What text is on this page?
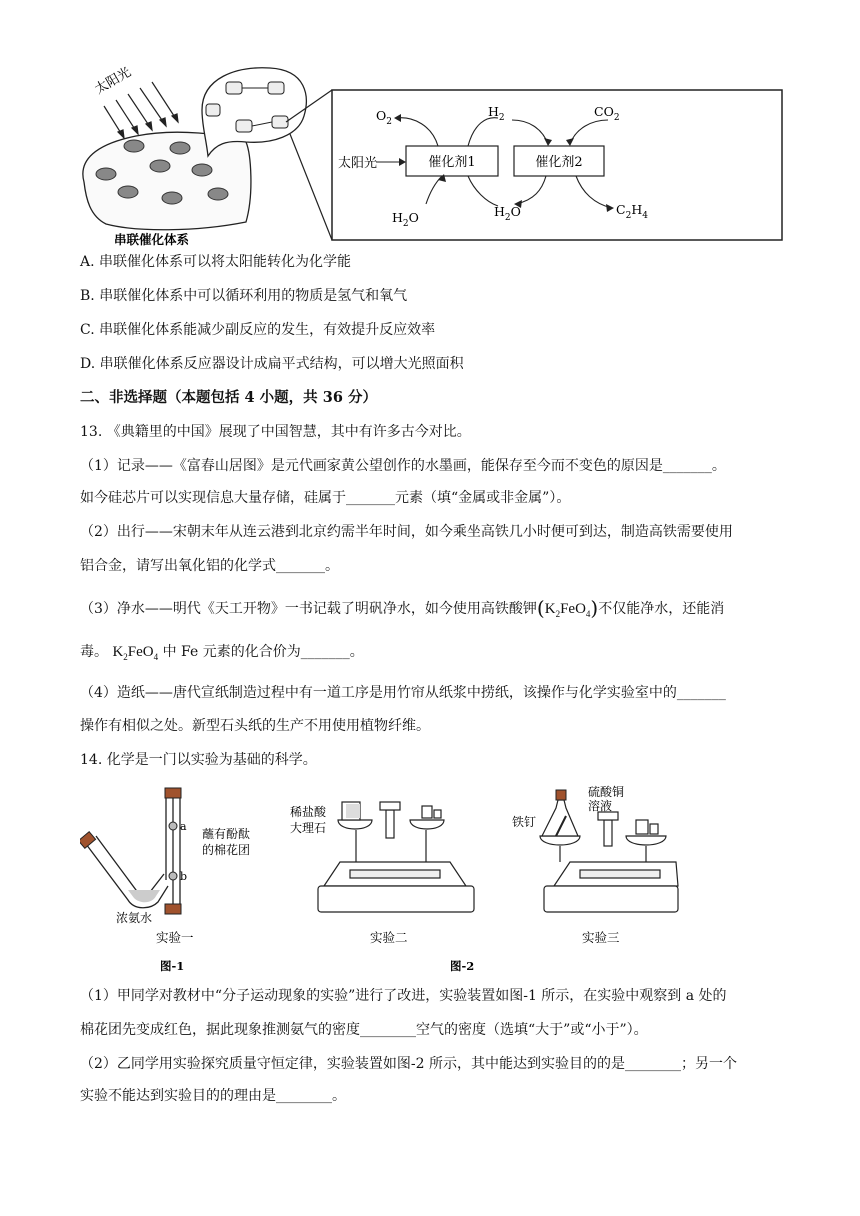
太阳光
串联催化体系
催化剂1	催化剂2
太阳光
$O_2$
$H_2$	$CO_2$
$H_2O$	$H_2O$	$C_2H_4$
A. 串联催化体系可以将太阳能转化为化学能
B. 串联催化体系中可以循环利用的物质是氢气和氧气
C. 串联催化体系能减少副反应的发生，有效提升反应效率
D. 串联催化体系反应器设计成扁平式结构，可以增大光照面积
二、非选择题（本题包括 4 小题，共 36 分）
13. 《典籍里的中国》展现了中国智慧，其中有许多古今对比。
（1）记录——《富春山居图》是元代画家黄公望创作的水墨画，能保存至今而不变色的原因是_______。
如今硅芯片可以实现信息大量存储，硅属于_______元素（填“金属或非金属”）。
（2）出行——宋朝末年从连云港到北京约需半年时间，如今乘坐高铁几小时便可到达，制造高铁需要使用
铝合金，请写出氧化铝的化学式_______。
（3）净水——明代《天工开物》一书记载了明矾净水，如今使用高铁酸钾$(K_2FeO_4)$不仅能净水，还能消
毒。 $K_2FeO_4$ 中 Fe 元素的化合价为_______。
（4）造纸——唐代宣纸制造过程中有一道工序是用竹帘从纸浆中捞纸，该操作与化学实验室中的_______
操作有相似之处。新型石头纸的生产不用使用植物纤维。
14. 化学是一门以实验为基础的科学。
a
b
蘸有酚酞
的棉花团
浓氨水
实验一
图-1
稀盐酸
大理石
实验二
图-2
硫酸铜
溶液
铁钉
实验三
（1）甲同学对教材中“分子运动现象的实验”进行了改进，实验装置如图-1 所示，在实验中观察到 a 处的
棉花团先变成红色，据此现象推测氨气的密度________空气的密度（选填“大于”或“小于”）。
（2）乙同学用实验探究质量守恒定律，实验装置如图-2 所示，其中能达到实验目的的是________；另一个
实验不能达到实验目的的理由是________。
